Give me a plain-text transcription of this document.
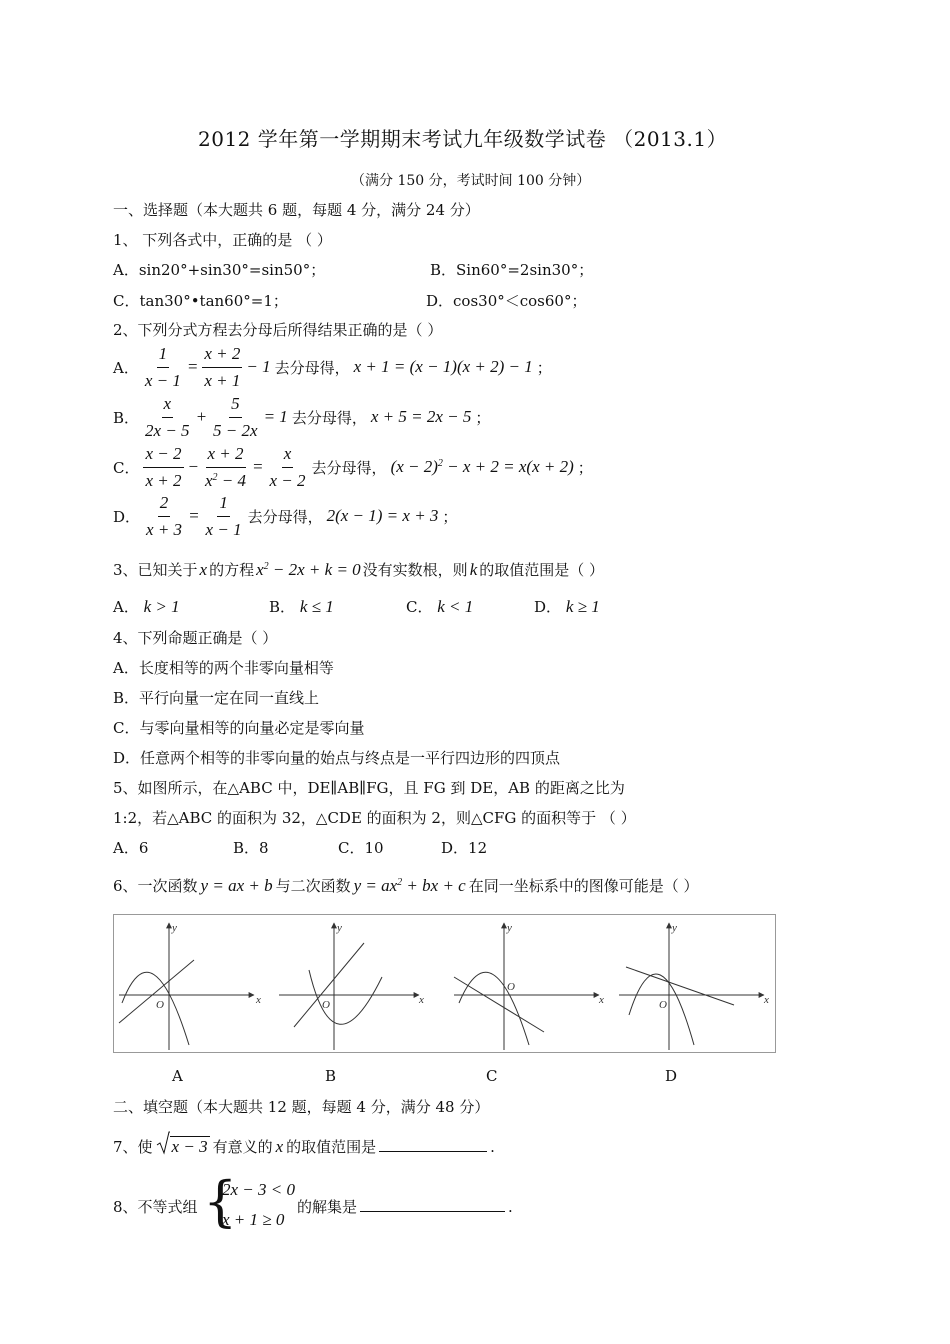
2012 学年第一学期期末考试九年级数学试卷 （2013.1）
（满分 150 分，考试时间 100 分钟）
一、选择题（本大题共 6 题，每题 4 分，满分 24 分）
1、 下列各式中，正确的是 （ ）
A．sin20°+sin30°=sin50°；	B．Sin60°=2sin30°；
C．tan30°•tan60°=1；	D．cos30°＜cos60°；
2、下列分式方程去分母后所得结果正确的是（ ）
A． $\frac{1}{x - 1} = \frac{x + 2}{x + 1} - 1$ 去分母得， x + 1 = (x − 1)(x + 2) − 1 ；
B． $\frac{x}{2x - 5} + \frac{5}{5 - 2x} = 1$ 去分母得， x + 5 = 2x − 5 ；
C． $\frac{x - 2}{x + 2} - \frac{x + 2}{x^2 - 4} = \frac{x}{x - 2}$ 去分母得， $(x - 2)^2 - x + 2 = x(x + 2)$ ；
D． $\frac{2}{x + 3} = \frac{1}{x - 1}$ 去分母得， 2(x − 1) = x + 3 ；
3、已知关于 x 的方程 $x^2 - 2x + k = 0$ 没有实数根，则 k 的取值范围是（ ）
A． k > 1	B． k ≤ 1	C． k < 1	D． k ≥ 1
4、下列命题正确是（ ）
A．长度相等的两个非零向量相等
B．平行向量一定在同一直线上
C．与零向量相等的向量必定是零向量
D．任意两个相等的非零向量的始点与终点是一平行四边形的四顶点
5、如图所示，在△ABC 中，DE∥AB∥FG，且 FG 到 DE，AB 的距离之比为
1:2，若△ABC 的面积为 32，△CDE 的面积为 2，则△CFG 的面积等于 （ ）
A．6	B．8	C．10	D．12
6、一次函数 y = ax + b 与二次函数 $y = ax^2$ + bx + c 在同一坐标系中的图像可能是（ ）
x
y
O	x
y
O	x
y
O
x
y
O
A	B	C	D
二、填空题（本大题共 12 题，每题 4 分，满分 48 分）
7、使	x − 3 有意义的 x 的取值范围是	.
8、不等式组 {
2x − 3 < 0
x + 1 ≥ 0
的解集是	.
